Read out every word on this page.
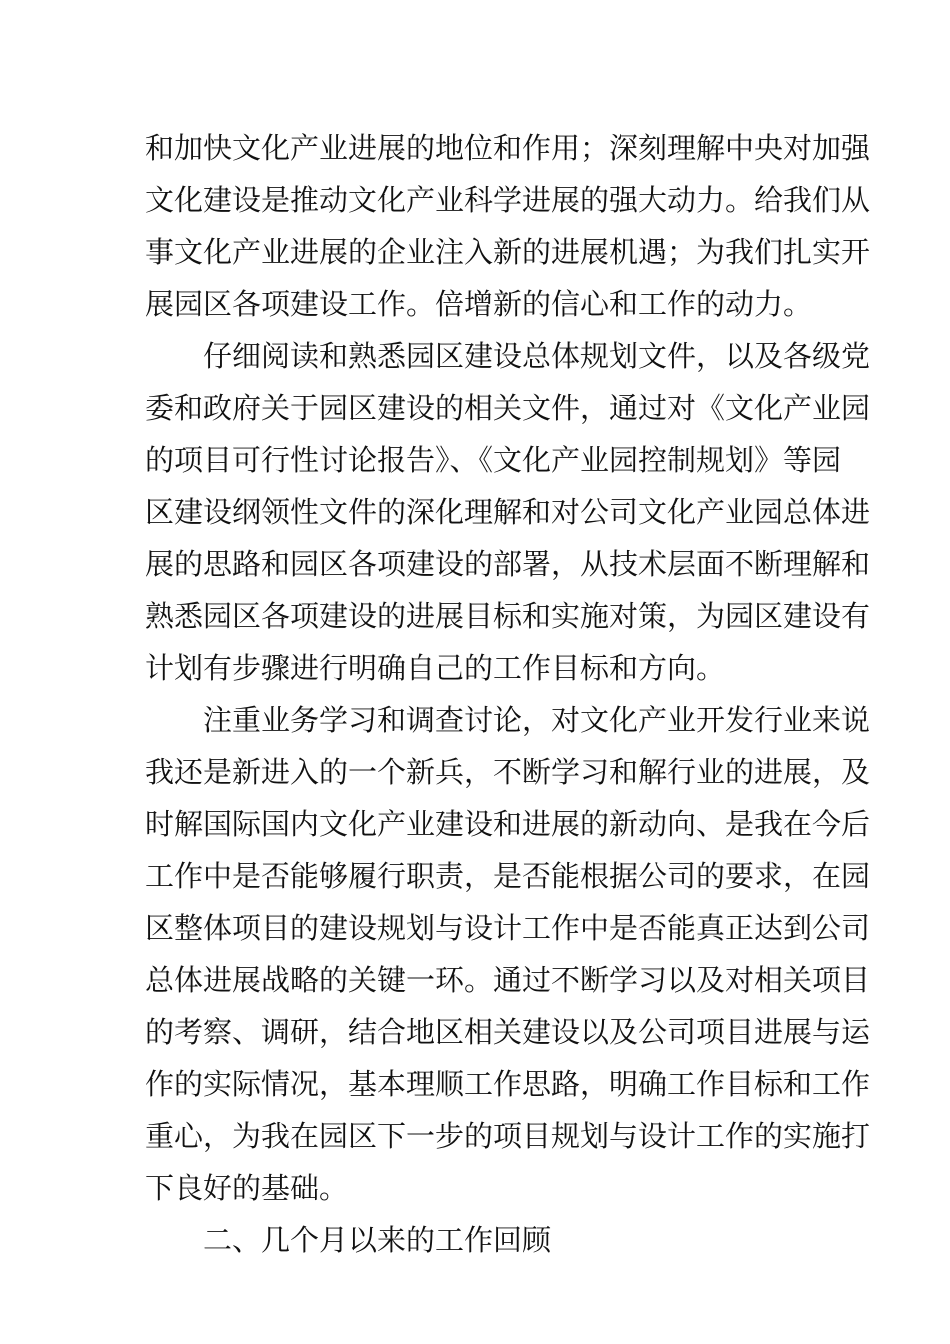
和加快文化产业进展的地位和作用；深刻理解中央对加强
文化建设是推动文化产业科学进展的强大动力。给我们从
事文化产业进展的企业注入新的进展机遇；为我们扎实开
展园区各项建设工作。倍增新的信心和工作的动力。
仔细阅读和熟悉园区建设总体规划文件，以及各级党
委和政府关于园区建设的相关文件，通过对《文化产业园
的项目可行性讨论报告》、《文化产业园控制规划》等园
区建设纲领性文件的深化理解和对公司文化产业园总体进
展的思路和园区各项建设的部署，从技术层面不断理解和
熟悉园区各项建设的进展目标和实施对策，为园区建设有
计划有步骤进行明确自己的工作目标和方向。
注重业务学习和调查讨论，对文化产业开发行业来说
我还是新进入的一个新兵，不断学习和解行业的进展，及
时解国际国内文化产业建设和进展的新动向、是我在今后
工作中是否能够履行职责，是否能根据公司的要求，在园
区整体项目的建设规划与设计工作中是否能真正达到公司
总体进展战略的关键一环。通过不断学习以及对相关项目
的考察、调研，结合地区相关建设以及公司项目进展与运
作的实际情况，基本理顺工作思路，明确工作目标和工作
重心，为我在园区下一步的项目规划与设计工作的实施打
下良好的基础。
二、几个月以来的工作回顾
